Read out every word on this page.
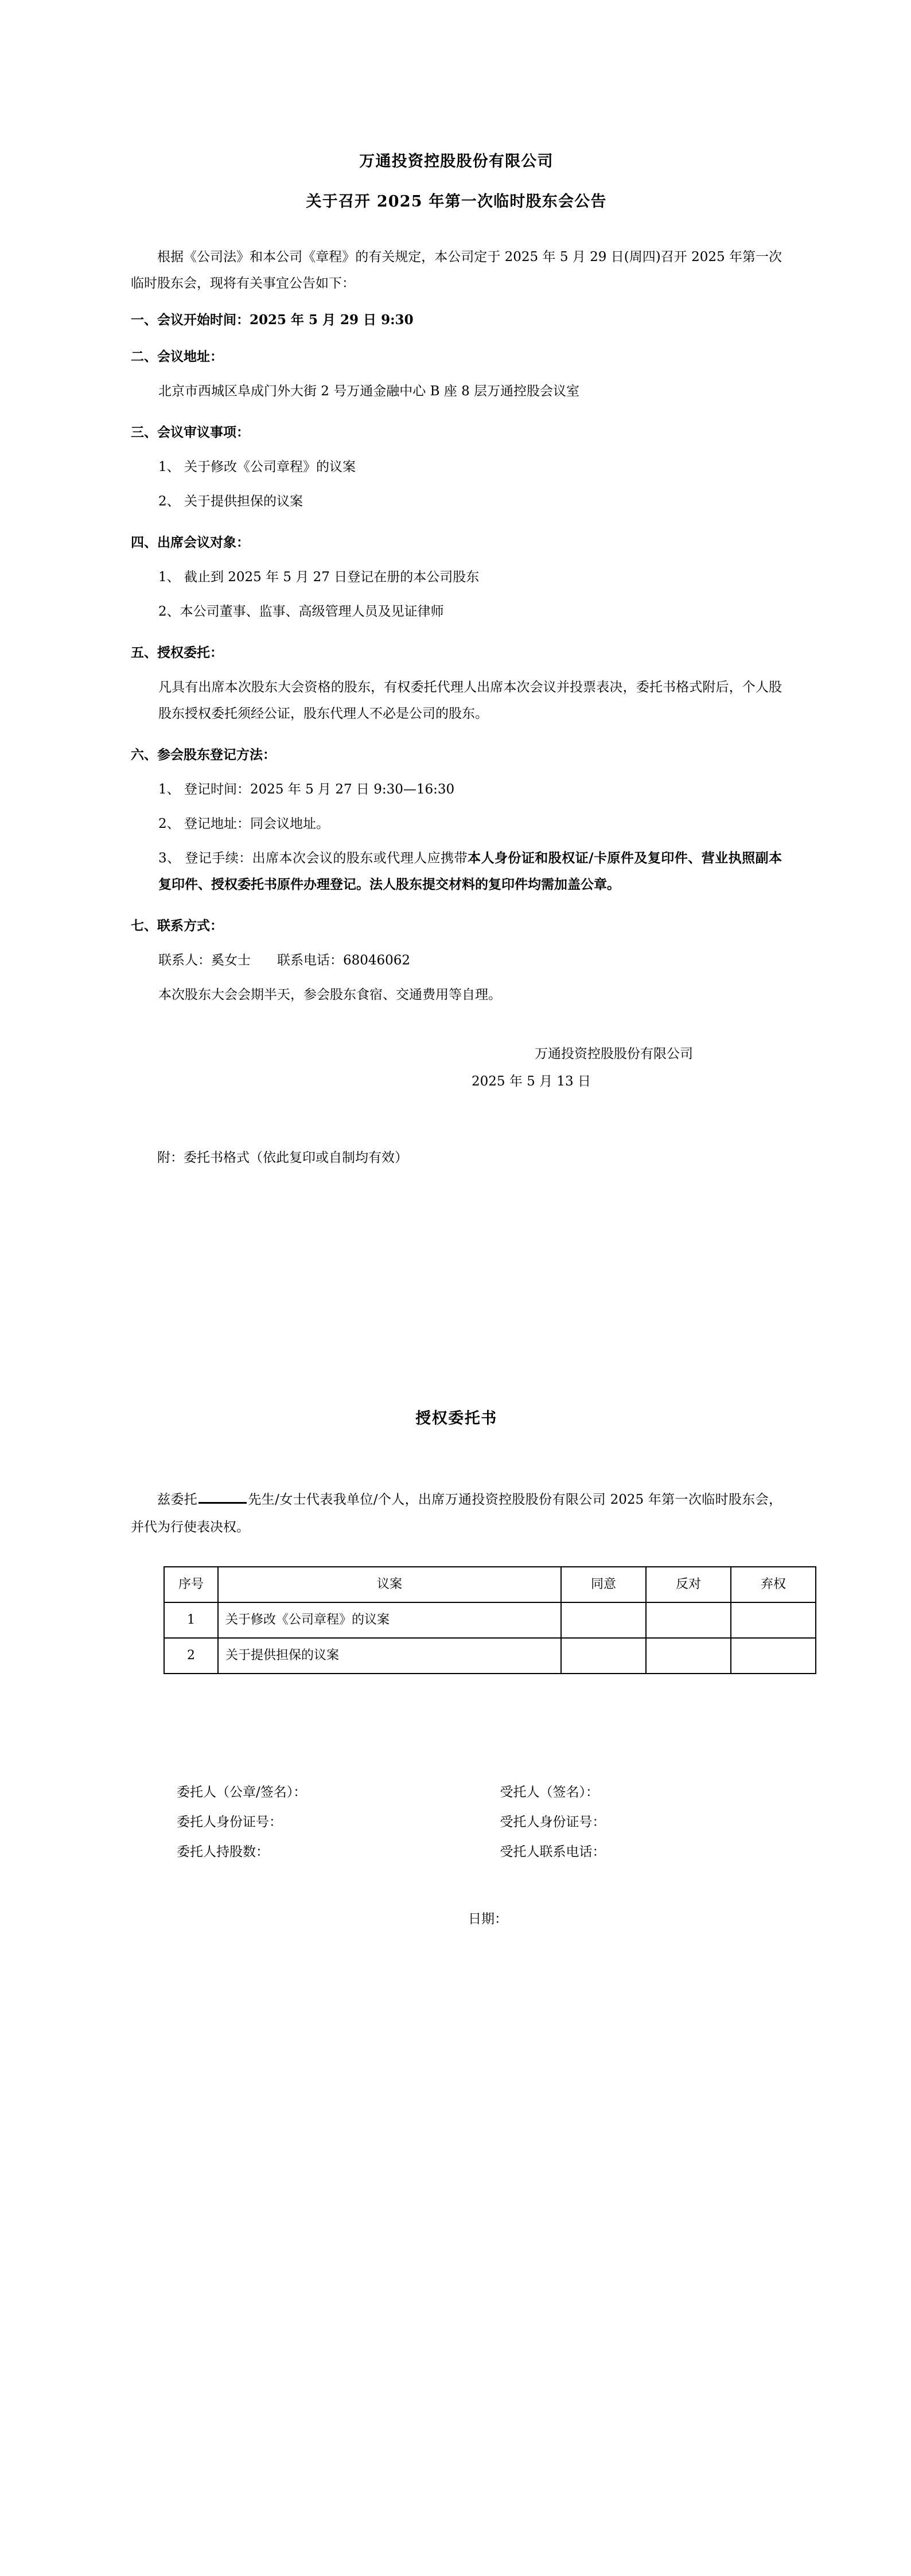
万通投资控股股份有限公司
关于召开 2025 年第一次临时股东会公告
根据《公司法》和本公司《章程》的有关规定，本公司定于 2025 年 5 月 29 日(周四)召开 2025 年第一次临时股东会，现将有关事宜公告如下：
一、会议开始时间：2025 年 5 月 29 日 9:30
二、会议地址：
北京市西城区阜成门外大街 2 号万通金融中心 B 座 8 层万通控股会议室
三、会议审议事项：
1、 关于修改《公司章程》的议案
2、 关于提供担保的议案
四、出席会议对象：
1、 截止到 2025 年 5 月 27 日登记在册的本公司股东
2、本公司董事、监事、高级管理人员及见证律师
五、授权委托：
凡具有出席本次股东大会资格的股东，有权委托代理人出席本次会议并投票表决，委托书格式附后，个人股股东授权委托须经公证，股东代理人不必是公司的股东。
六、参会股东登记方法：
1、 登记时间：2025 年 5 月 27 日 9:30—16:30
2、 登记地址：同会议地址。
3、 登记手续：出席本次会议的股东或代理人应携带本人身份证和股权证/卡原件及复印件、营业执照副本复印件、授权委托书原件办理登记。法人股东提交材料的复印件均需加盖公章。
七、联系方式：
联系人：奚女士　　联系电话：68046062
本次股东大会会期半天，参会股东食宿、交通费用等自理。
万通投资控股股份有限公司
2025 年 5 月 13 日
附：委托书格式（依此复印或自制均有效）
授权委托书
兹委托	先生/女士代表我单位/个人，出席万通投资控股股份有限公司 2025 年第一次临时股东会，并代为行使表决权。
序号	议案	同意	反对	弃权
1	关于修改《公司章程》的议案			
2	关于提供担保的议案			
委托人（公章/签名）：
委托人身份证号：
委托人持股数：
受托人（签名）：
受托人身份证号：
受托人联系电话：
日期：
